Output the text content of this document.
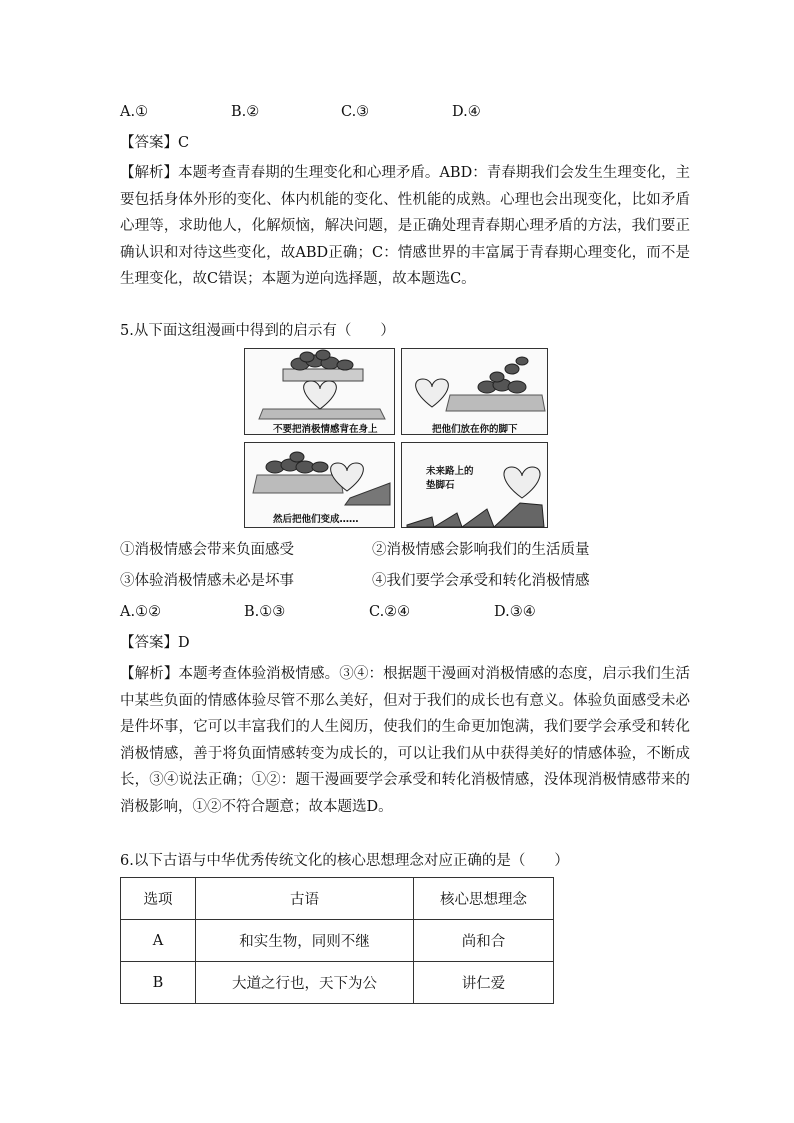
A.①	B.②	C.③	D.④
【答案】C
【解析】本题考查青春期的生理变化和心理矛盾。ABD：青春期我们会发生生理变化，主要包括身体外形的变化、体内机能的变化、性机能的成熟。心理也会出现变化，比如矛盾心理等，求助他人，化解烦恼，解决问题，是正确处理青春期心理矛盾的方法，我们要正确认识和对待这些变化，故ABD正确；C：情感世界的丰富属于青春期心理变化，而不是生理变化，故C错误；本题为逆向选择题，故本题选C。
5.从下面这组漫画中得到的启示有（　　）
不要把消极情感背在身上	把他们放在你的脚下
然后把他们变成……
未来路上的
垫脚石
①消极情感会带来负面感受	②消极情感会影响我们的生活质量
③体验消极情感未必是坏事	④我们要学会承受和转化消极情感
A.①②	B.①③	C.②④	D.③④
【答案】D
【解析】本题考查体验消极情感。③④：根据题干漫画对消极情感的态度，启示我们生活中某些负面的情感体验尽管不那么美好，但对于我们的成长也有意义。体验负面感受未必是件坏事，它可以丰富我们的人生阅历，使我们的生命更加饱满，我们要学会承受和转化消极情感，善于将负面情感转变为成长的，可以让我们从中获得美好的情感体验，不断成长，③④说法正确；①②：题干漫画要学会承受和转化消极情感，没体现消极情感带来的消极影响，①②不符合题意；故本题选D。
6.以下古语与中华优秀传统文化的核心思想理念对应正确的是（　　）
选项	古语	核心思想理念
A	和实生物，同则不继	尚和合
B	大道之行也，天下为公	讲仁爱
